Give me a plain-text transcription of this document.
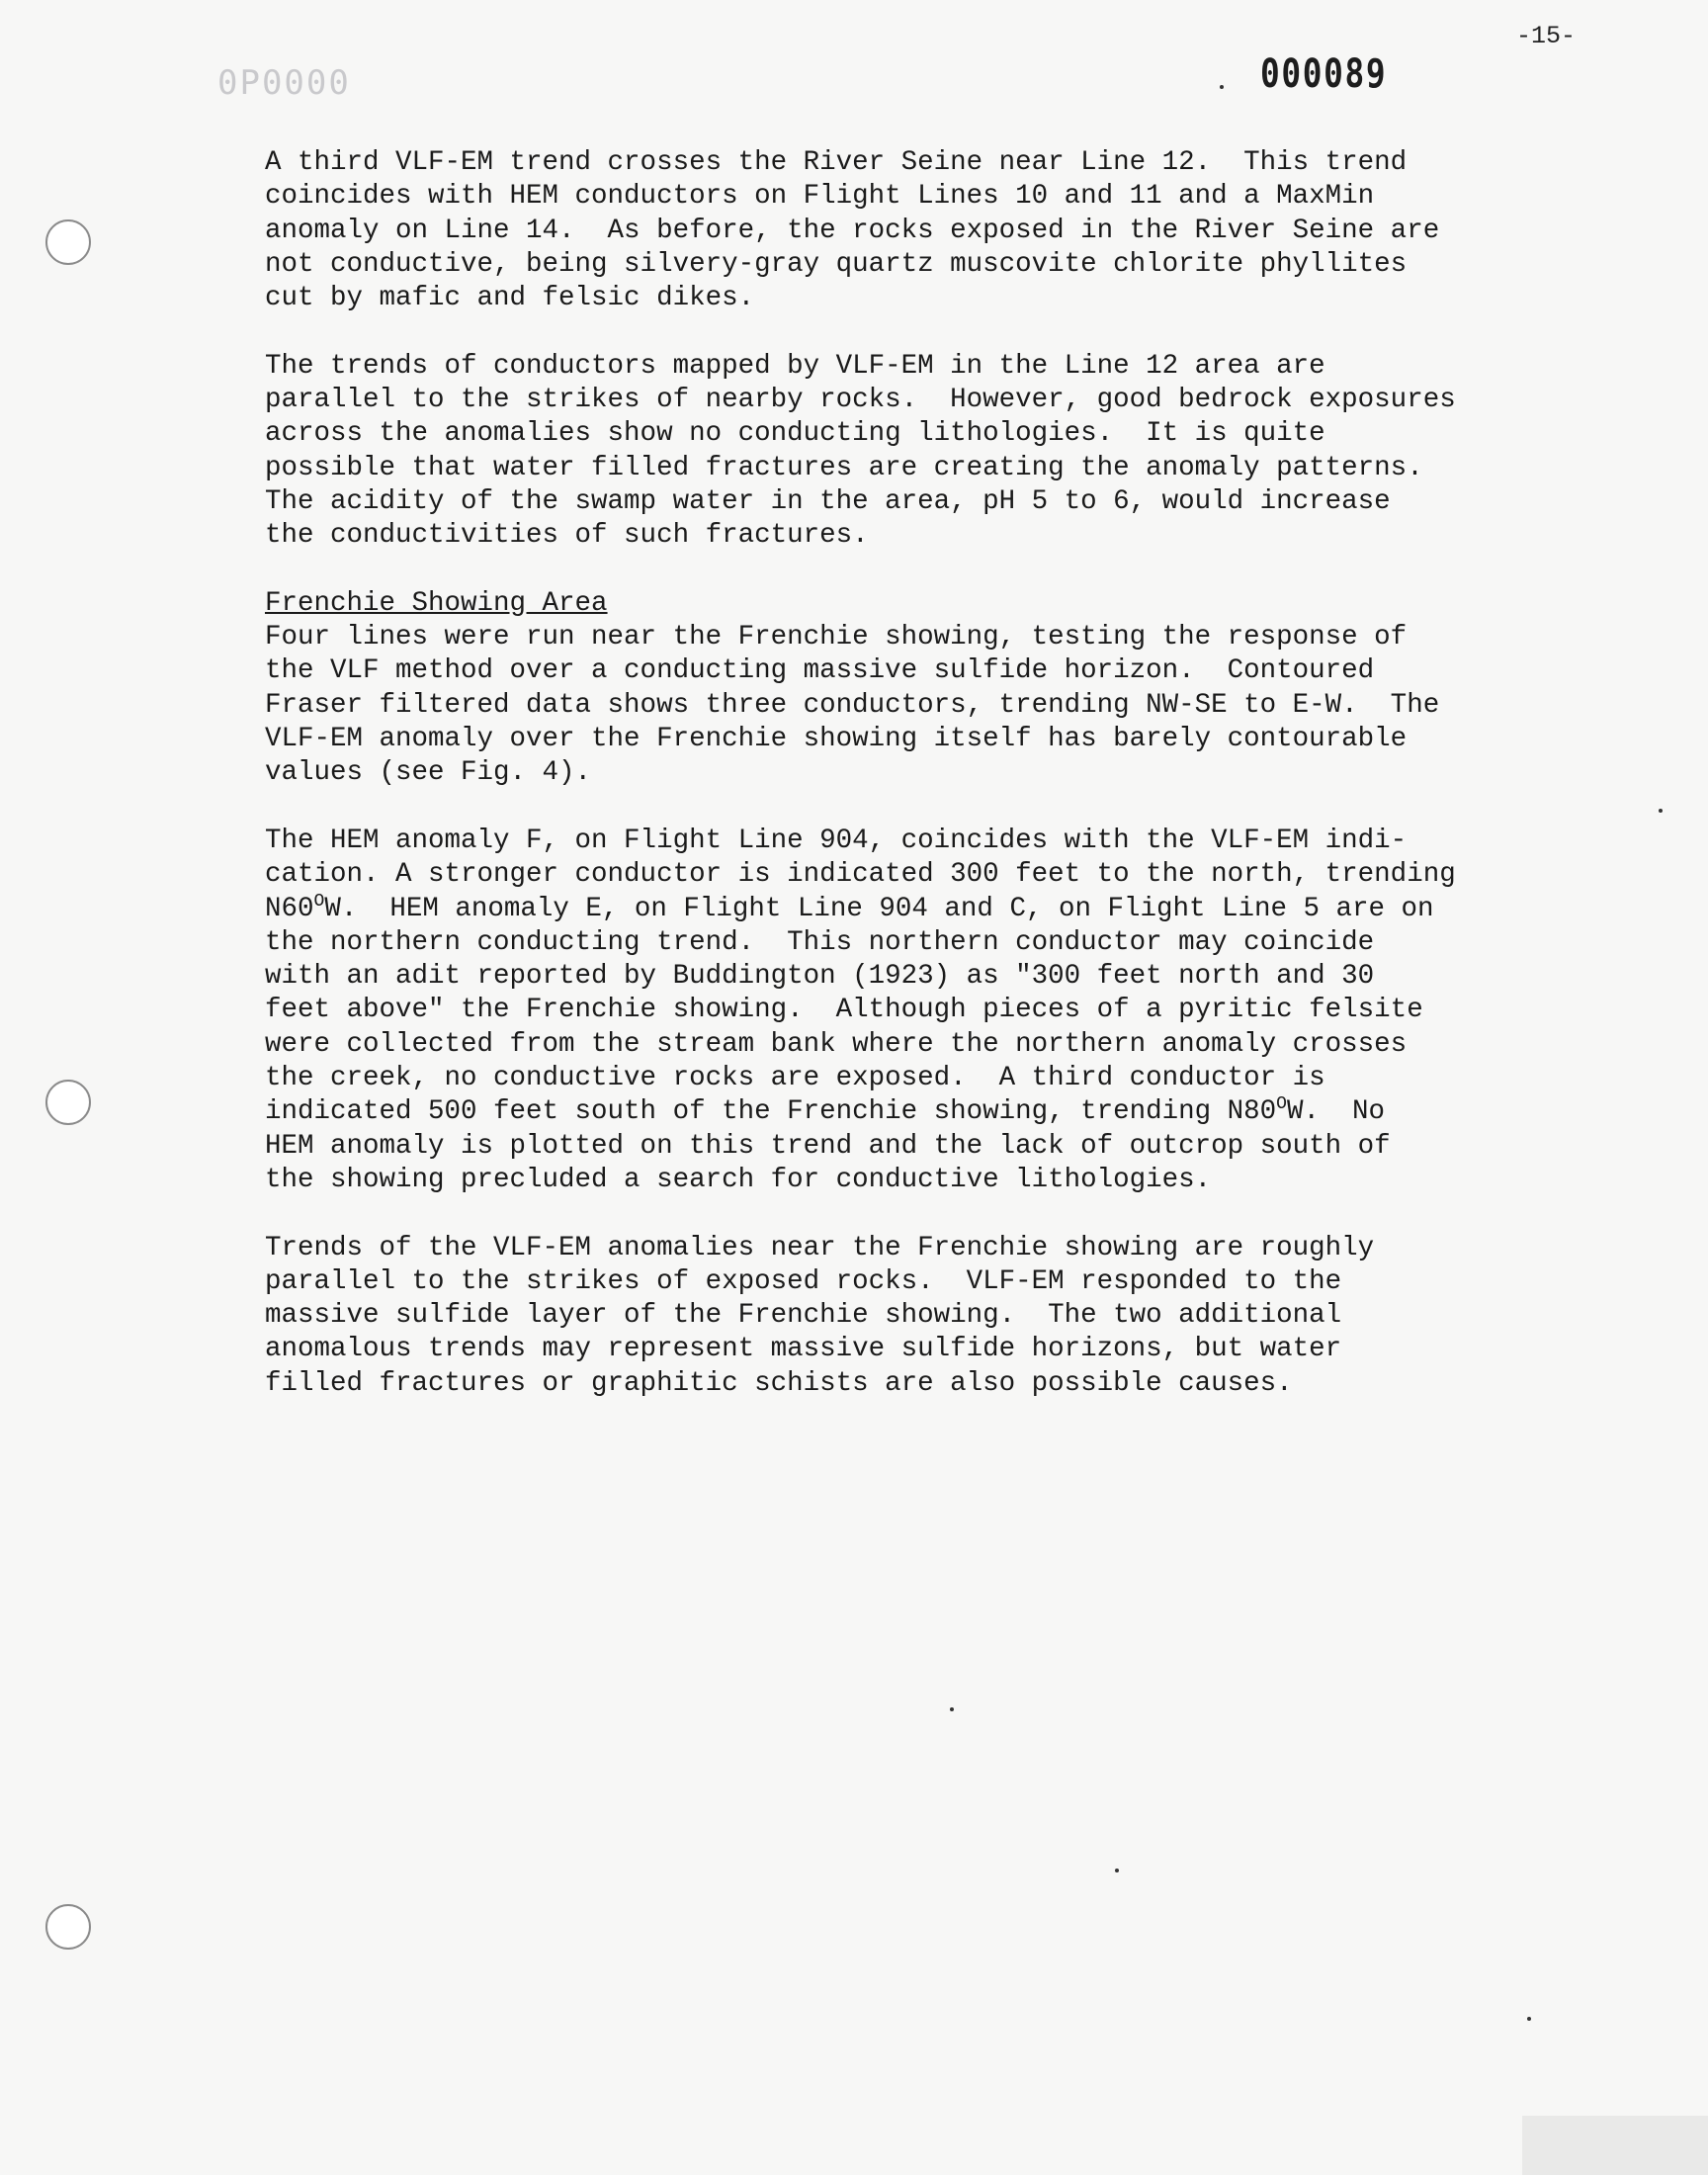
-15-
000089
0P0000
A third VLF-EM trend crosses the River Seine near Line 12.  This trend
coincides with HEM conductors on Flight Lines 10 and 11 and a MaxMin
anomaly on Line 14.  As before, the rocks exposed in the River Seine are
not conductive, being silvery-gray quartz muscovite chlorite phyllites
cut by mafic and felsic dikes.
The trends of conductors mapped by VLF-EM in the Line 12 area are
parallel to the strikes of nearby rocks.  However, good bedrock exposures
across the anomalies show no conducting lithologies.  It is quite
possible that water filled fractures are creating the anomaly patterns.
The acidity of the swamp water in the area, pH 5 to 6, would increase
the conductivities of such fractures.
Frenchie Showing Area
Four lines were run near the Frenchie showing, testing the response of
the VLF method over a conducting massive sulfide horizon.  Contoured
Fraser filtered data shows three conductors, trending NW-SE to E-W.  The
VLF-EM anomaly over the Frenchie showing itself has barely contourable
values (see Fig. 4).
The HEM anomaly F, on Flight Line 904, coincides with the VLF-EM indi-
cation. A stronger conductor is indicated 300 feet to the north, trending
$N60^OW$.  HEM anomaly E, on Flight Line 904 and C, on Flight Line 5 are on
the northern conducting trend.  This northern conductor may coincide
with an adit reported by Buddington (1923) as "300 feet north and 30
feet above" the Frenchie showing.  Although pieces of a pyritic felsite
were collected from the stream bank where the northern anomaly crosses
the creek, no conductive rocks are exposed.  A third conductor is
indicated 500 feet south of the Frenchie showing, trending $N80^OW$.  No
HEM anomaly is plotted on this trend and the lack of outcrop south of
the showing precluded a search for conductive lithologies.
Trends of the VLF-EM anomalies near the Frenchie showing are roughly
parallel to the strikes of exposed rocks.  VLF-EM responded to the
massive sulfide layer of the Frenchie showing.  The two additional
anomalous trends may represent massive sulfide horizons, but water
filled fractures or graphitic schists are also possible causes.
